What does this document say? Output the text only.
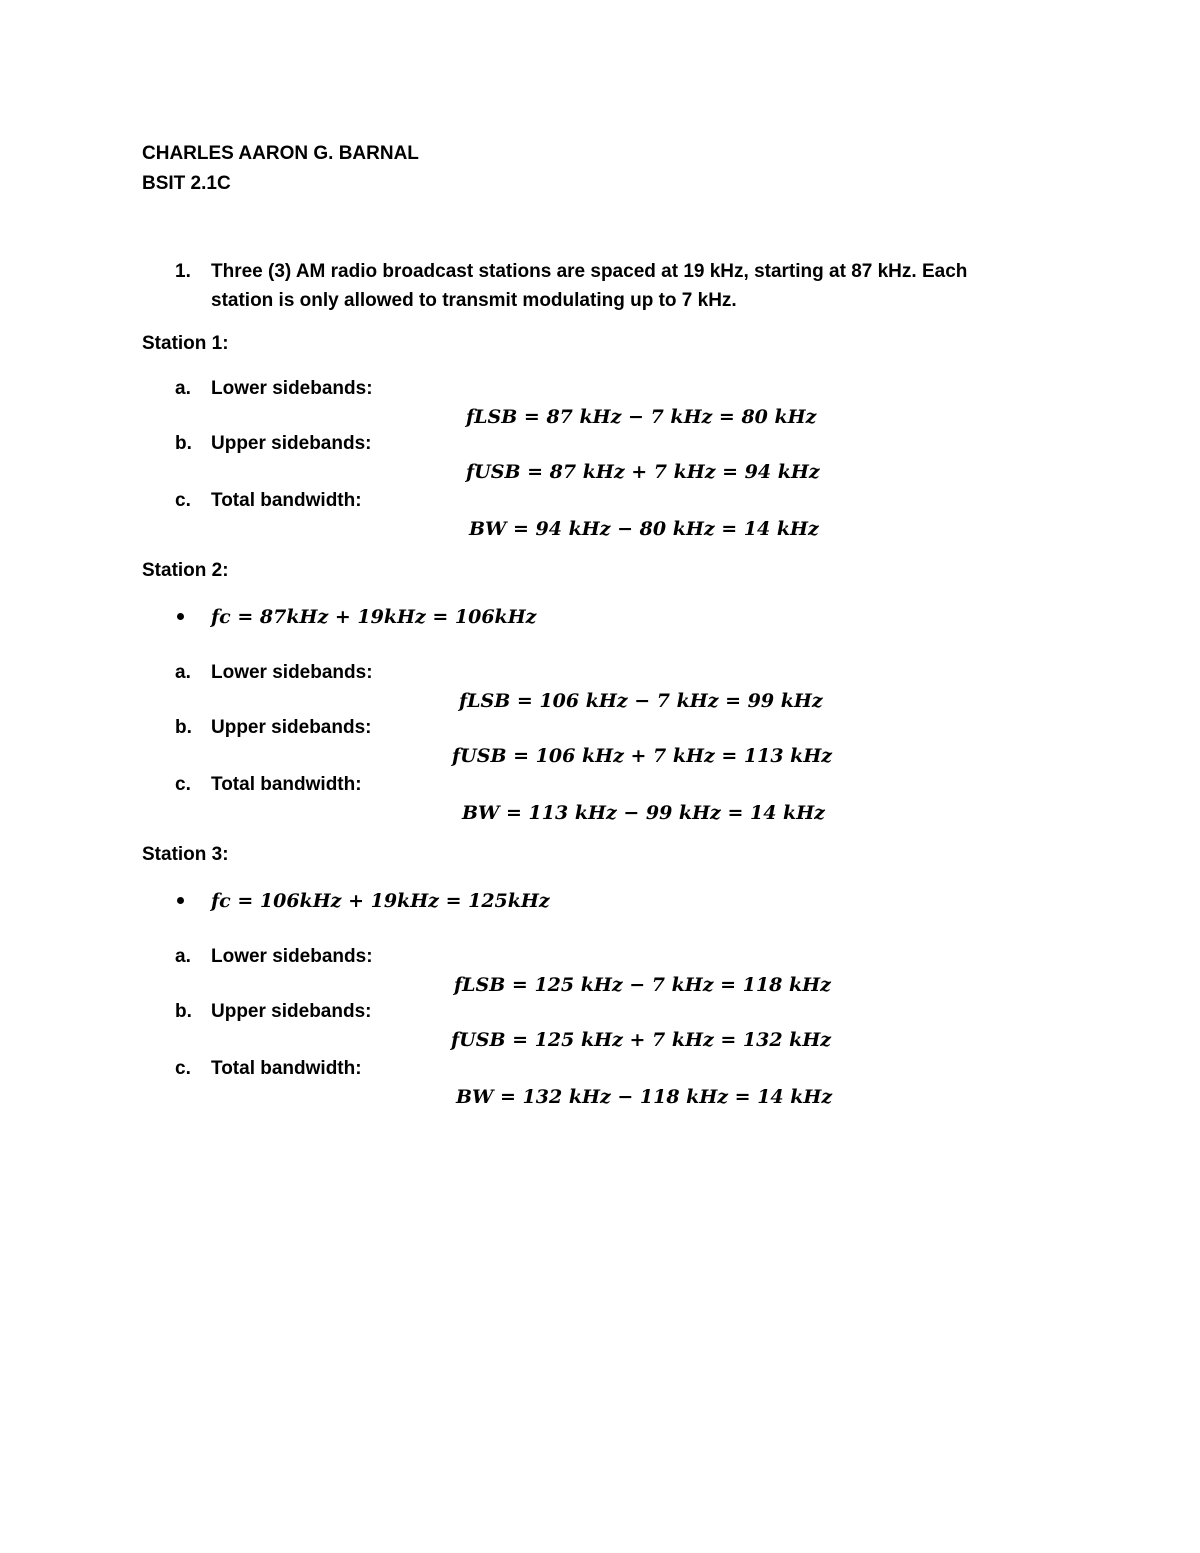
CHARLES AARON G. BARNAL
BSIT 2.1C
1. Three (3) AM radio broadcast stations are spaced at 19 kHz, starting at 87 kHz. Each
station is only allowed to transmit modulating up to 7 kHz.
Station 1:
a. Lower sidebands:
fLSB = 87 kHz − 7 kHz = 80 kHz
b. Upper sidebands:
fUSB = 87 kHz + 7 kHz = 94 kHz
c. Total bandwidth:
BW = 94 kHz − 80 kHz = 14 kHz
Station 2:
fc = 87kHz + 19kHz = 106kHz
a. Lower sidebands:
fLSB = 106 kHz − 7 kHz = 99 kHz
b. Upper sidebands:
fUSB = 106 kHz + 7 kHz = 113 kHz
c. Total bandwidth:
BW = 113 kHz − 99 kHz = 14 kHz
Station 3:
fc = 106kHz + 19kHz = 125kHz
a. Lower sidebands:
fLSB = 125 kHz − 7 kHz = 118 kHz
b. Upper sidebands:
fUSB = 125 kHz + 7 kHz = 132 kHz
c. Total bandwidth:
BW = 132 kHz − 118 kHz = 14 kHz
